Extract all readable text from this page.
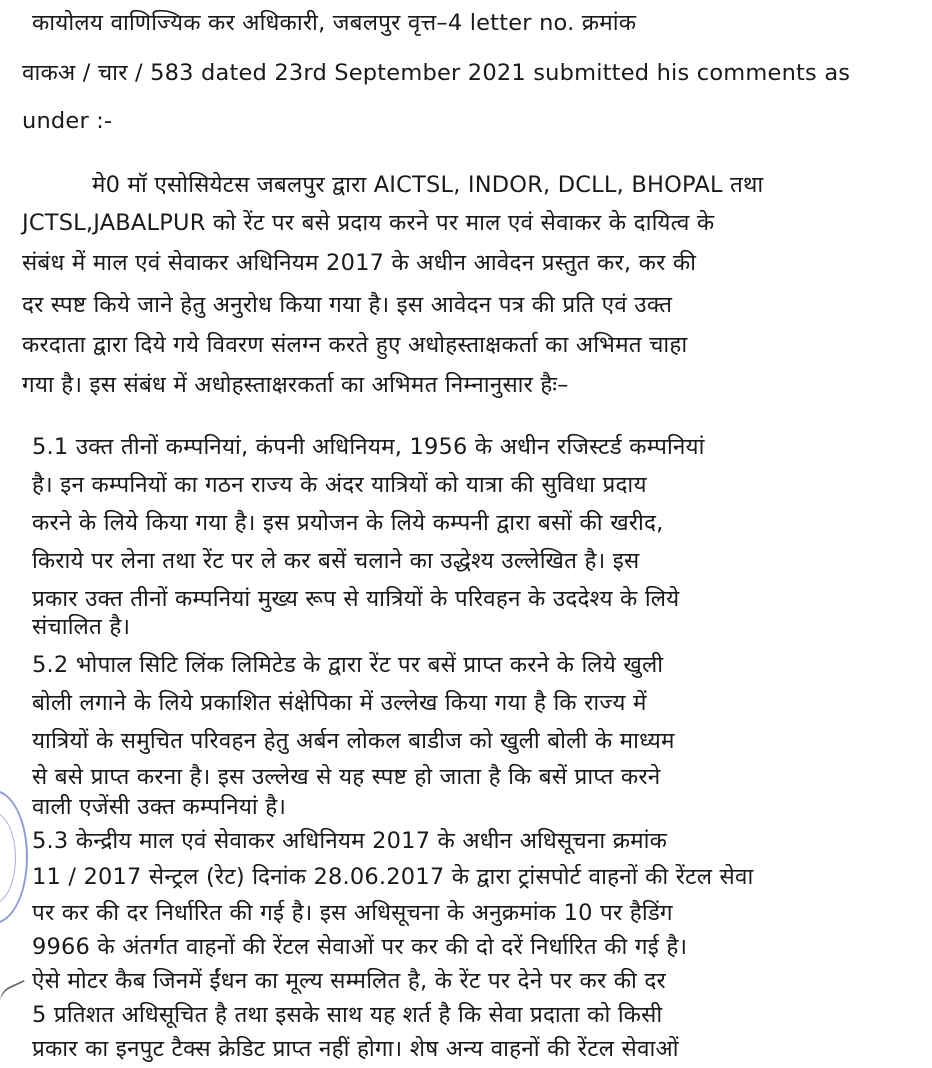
कायोलय वाणिज्यिक कर अधिकारी, जबलपुर वृत्त–4 letter no. क्रमांक
वाकअ / चार / 583 dated 23rd September 2021 submitted his comments as
under :-
मे0 मॉ एसोसियेटस जबलपुर द्वारा AICTSL, INDOR, DCLL, BHOPAL तथा
JCTSL,JABALPUR को रेंट पर बसे प्रदाय करने पर माल एवं सेवाकर के दायित्व के
संबंध में माल एवं सेवाकर अधिनियम 2017 के अधीन आवेदन प्रस्तुत कर, कर की
दर स्पष्ट किये जाने हेतु अनुरोध किया गया है। इस आवेदन पत्र की प्रति एवं उक्त
करदाता द्वारा दिये गये विवरण संलग्न करते हुए अधोहस्ताक्षकर्ता का अभिमत चाहा
गया है। इस संबंध में अधोहस्ताक्षरकर्ता का अभिमत निम्नानुसार हैः–
5.1 उक्त तीनों कम्पनियां, कंपनी अधिनियम, 1956 के अधीन रजिस्टर्ड कम्पनियां
है। इन कम्पनियों का गठन राज्य के अंदर यात्रियों को यात्रा की सुविधा प्रदाय
करने के लिये किया गया है। इस प्रयोजन के लिये कम्पनी द्वारा बसों की खरीद,
किराये पर लेना तथा रेंट पर ले कर बसें चलाने का उद्धेश्य उल्लेखित है। इस
प्रकार उक्त तीनों कम्पनियां मुख्य रूप से यात्रियों के परिवहन के उददेश्य के लिये
संचालित है।
5.2 भोपाल सिटि लिंक लिमिटेड के द्वारा रेंट पर बसें प्राप्त करने के लिये खुली
बोली लगाने के लिये प्रकाशित संक्षेपिका में उल्लेख किया गया है कि राज्य में
यात्रियों के समुचित परिवहन हेतु अर्बन लोकल बाडीज को खुली बोली के माध्यम
से बसे प्राप्त करना है। इस उल्लेख से यह स्पष्ट हो जाता है कि बसें प्राप्त करने
वाली एजेंसी उक्त कम्पनियां है।
5.3 केन्द्रीय माल एवं सेवाकर अधिनियम 2017 के अधीन अधिसूचना क्रमांक
11 / 2017 सेन्ट्रल (रेट) दिनांक 28.06.2017 के द्वारा ट्रांसपोर्ट वाहनों की रेंटल सेवा
पर कर की दर निर्धारित की गई है। इस अधिसूचना के अनुक्रमांक 10 पर हैडिंग
9966 के अंतर्गत वाहनों की रेंटल सेवाओं पर कर की दो दरें निर्धारित की गई है।
ऐसे मोटर कैब जिनमें ईंधन का मूल्य सम्मलित है, के रेंट पर देने पर कर की दर
5 प्रतिशत अधिसूचित है तथा इसके साथ यह शर्त है कि सेवा प्रदाता को किसी
प्रकार का इनपुट टैक्स क्रेडिट प्राप्त नहीं होगा। शेष अन्य वाहनों की रेंटल सेवाओं
